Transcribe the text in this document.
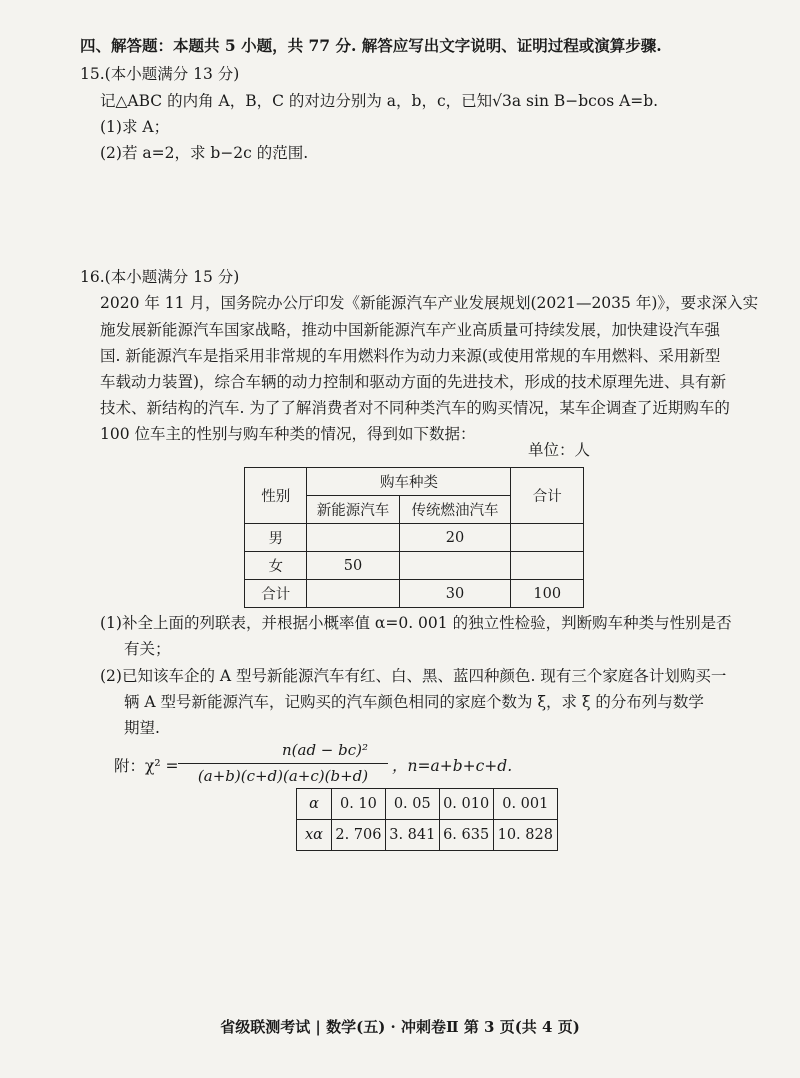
四、解答题：本题共 5 小题，共 77 分. 解答应写出文字说明、证明过程或演算步骤.
15.(本小题满分 13 分)
记△ABC 的内角 A，B，C 的对边分别为 a，b，c，已知√3a sin B−bcos A=b.
(1)求 A；
(2)若 a=2，求 b−2c 的范围.
16.(本小题满分 15 分)
2020 年 11 月，国务院办公厅印发《新能源汽车产业发展规划(2021—2035 年)》，要求深入实
施发展新能源汽车国家战略，推动中国新能源汽车产业高质量可持续发展，加快建设汽车强
国. 新能源汽车是指采用非常规的车用燃料作为动力来源(或使用常规的车用燃料、采用新型
车载动力装置)，综合车辆的动力控制和驱动方面的先进技术，形成的技术原理先进、具有新
技术、新结构的汽车. 为了了解消费者对不同种类汽车的购买情况，某车企调查了近期购车的
100 位车主的性别与购车种类的情况，得到如下数据：
单位：人
性别	购车种类		合计
	新能源汽车	传统燃油汽车	
男		20	
女	50		
合计		30	100
(1)补全上面的列联表，并根据小概率值 α=0. 001 的独立性检验，判断购车种类与性别是否
有关；
(2)已知该车企的 A 型号新能源汽车有红、白、黑、蓝四种颜色. 现有三个家庭各计划购买一
辆 A 型号新能源汽车，记购买的汽车颜色相同的家庭个数为 ξ，求 ξ 的分布列与数学
期望.
附：χ² =
n(ad − bc)²
(a+b)(c+d)(a+c)(b+d)
，n=a+b+c+d.
α	0. 10	0. 05	0. 010	0. 001
xα	2. 706	3. 841	6. 635	10. 828
省级联测考试 | 数学(五) · 冲刺卷Ⅱ 第 3 页(共 4 页)
